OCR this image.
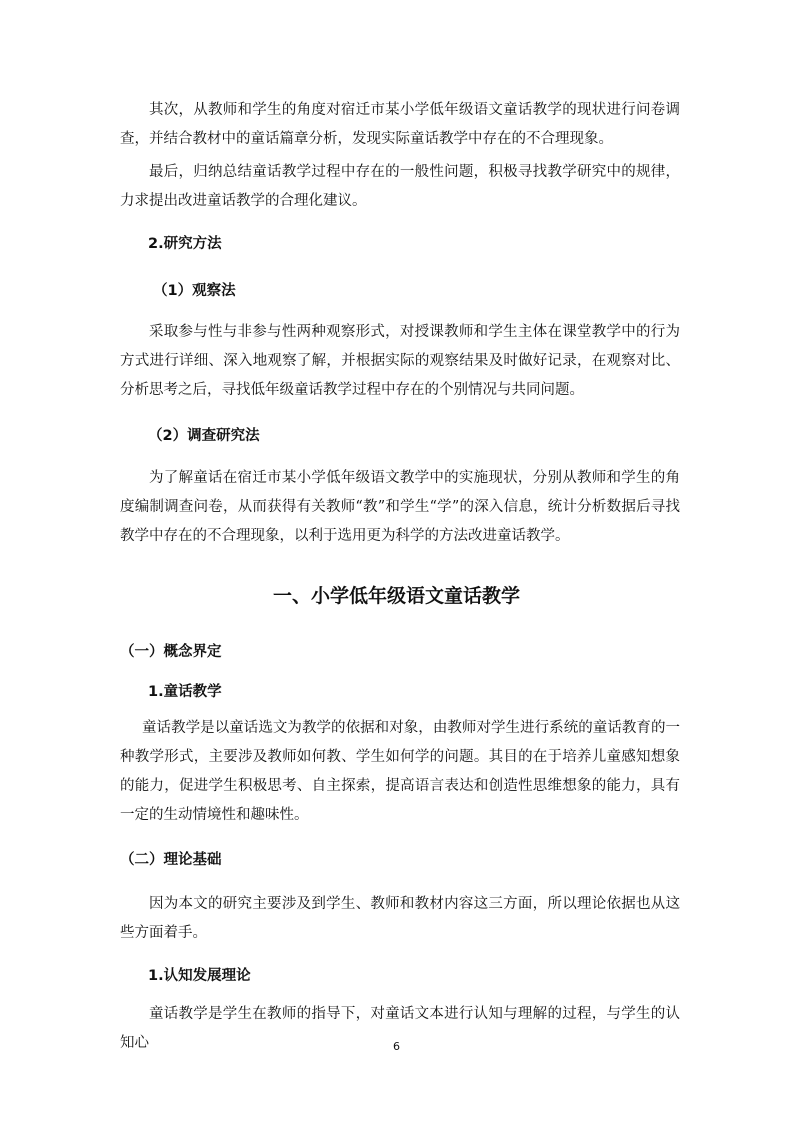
其次，从教师和学生的角度对宿迁市某小学低年级语文童话教学的现状进行问卷调查，并结合教材中的童话篇章分析，发现实际童话教学中存在的不合理现象。

最后，归纳总结童话教学过程中存在的一般性问题，积极寻找教学研究中的规律，力求提出改进童话教学的合理化建议。

2.研究方法
（1）观察法

采取参与性与非参与性两种观察形式，对授课教师和学生主体在课堂教学中的行为方式进行详细、深入地观察了解，并根据实际的观察结果及时做好记录，在观察对比、分析思考之后，寻找低年级童话教学过程中存在的个别情况与共同问题。

（2）调查研究法

为了解童话在宿迁市某小学低年级语文教学中的实施现状，分别从教师和学生的角度编制调查问卷，从而获得有关教师“教”和学生“学”的深入信息，统计分析数据后寻找教学中存在的不合理现象，以利于选用更为科学的方法改进童话教学。

一、小学低年级语文童话教学
（一）概念界定
1.童话教学

童话教学是以童话选文为教学的依据和对象，由教师对学生进行系统的童话教育的一种教学形式，主要涉及教师如何教、学生如何学的问题。其目的在于培养儿童感知想象的能力，促进学生积极思考、自主探索，提高语言表达和创造性思维想象的能力，具有一定的生动情境性和趣味性。

（二）理论基础

因为本文的研究主要涉及到学生、教师和教材内容这三方面，所以理论依据也从这些方面着手。

1.认知发展理论

童话教学是学生在教师的指导下，对童话文本进行认知与理解的过程，与学生的认知心	6
